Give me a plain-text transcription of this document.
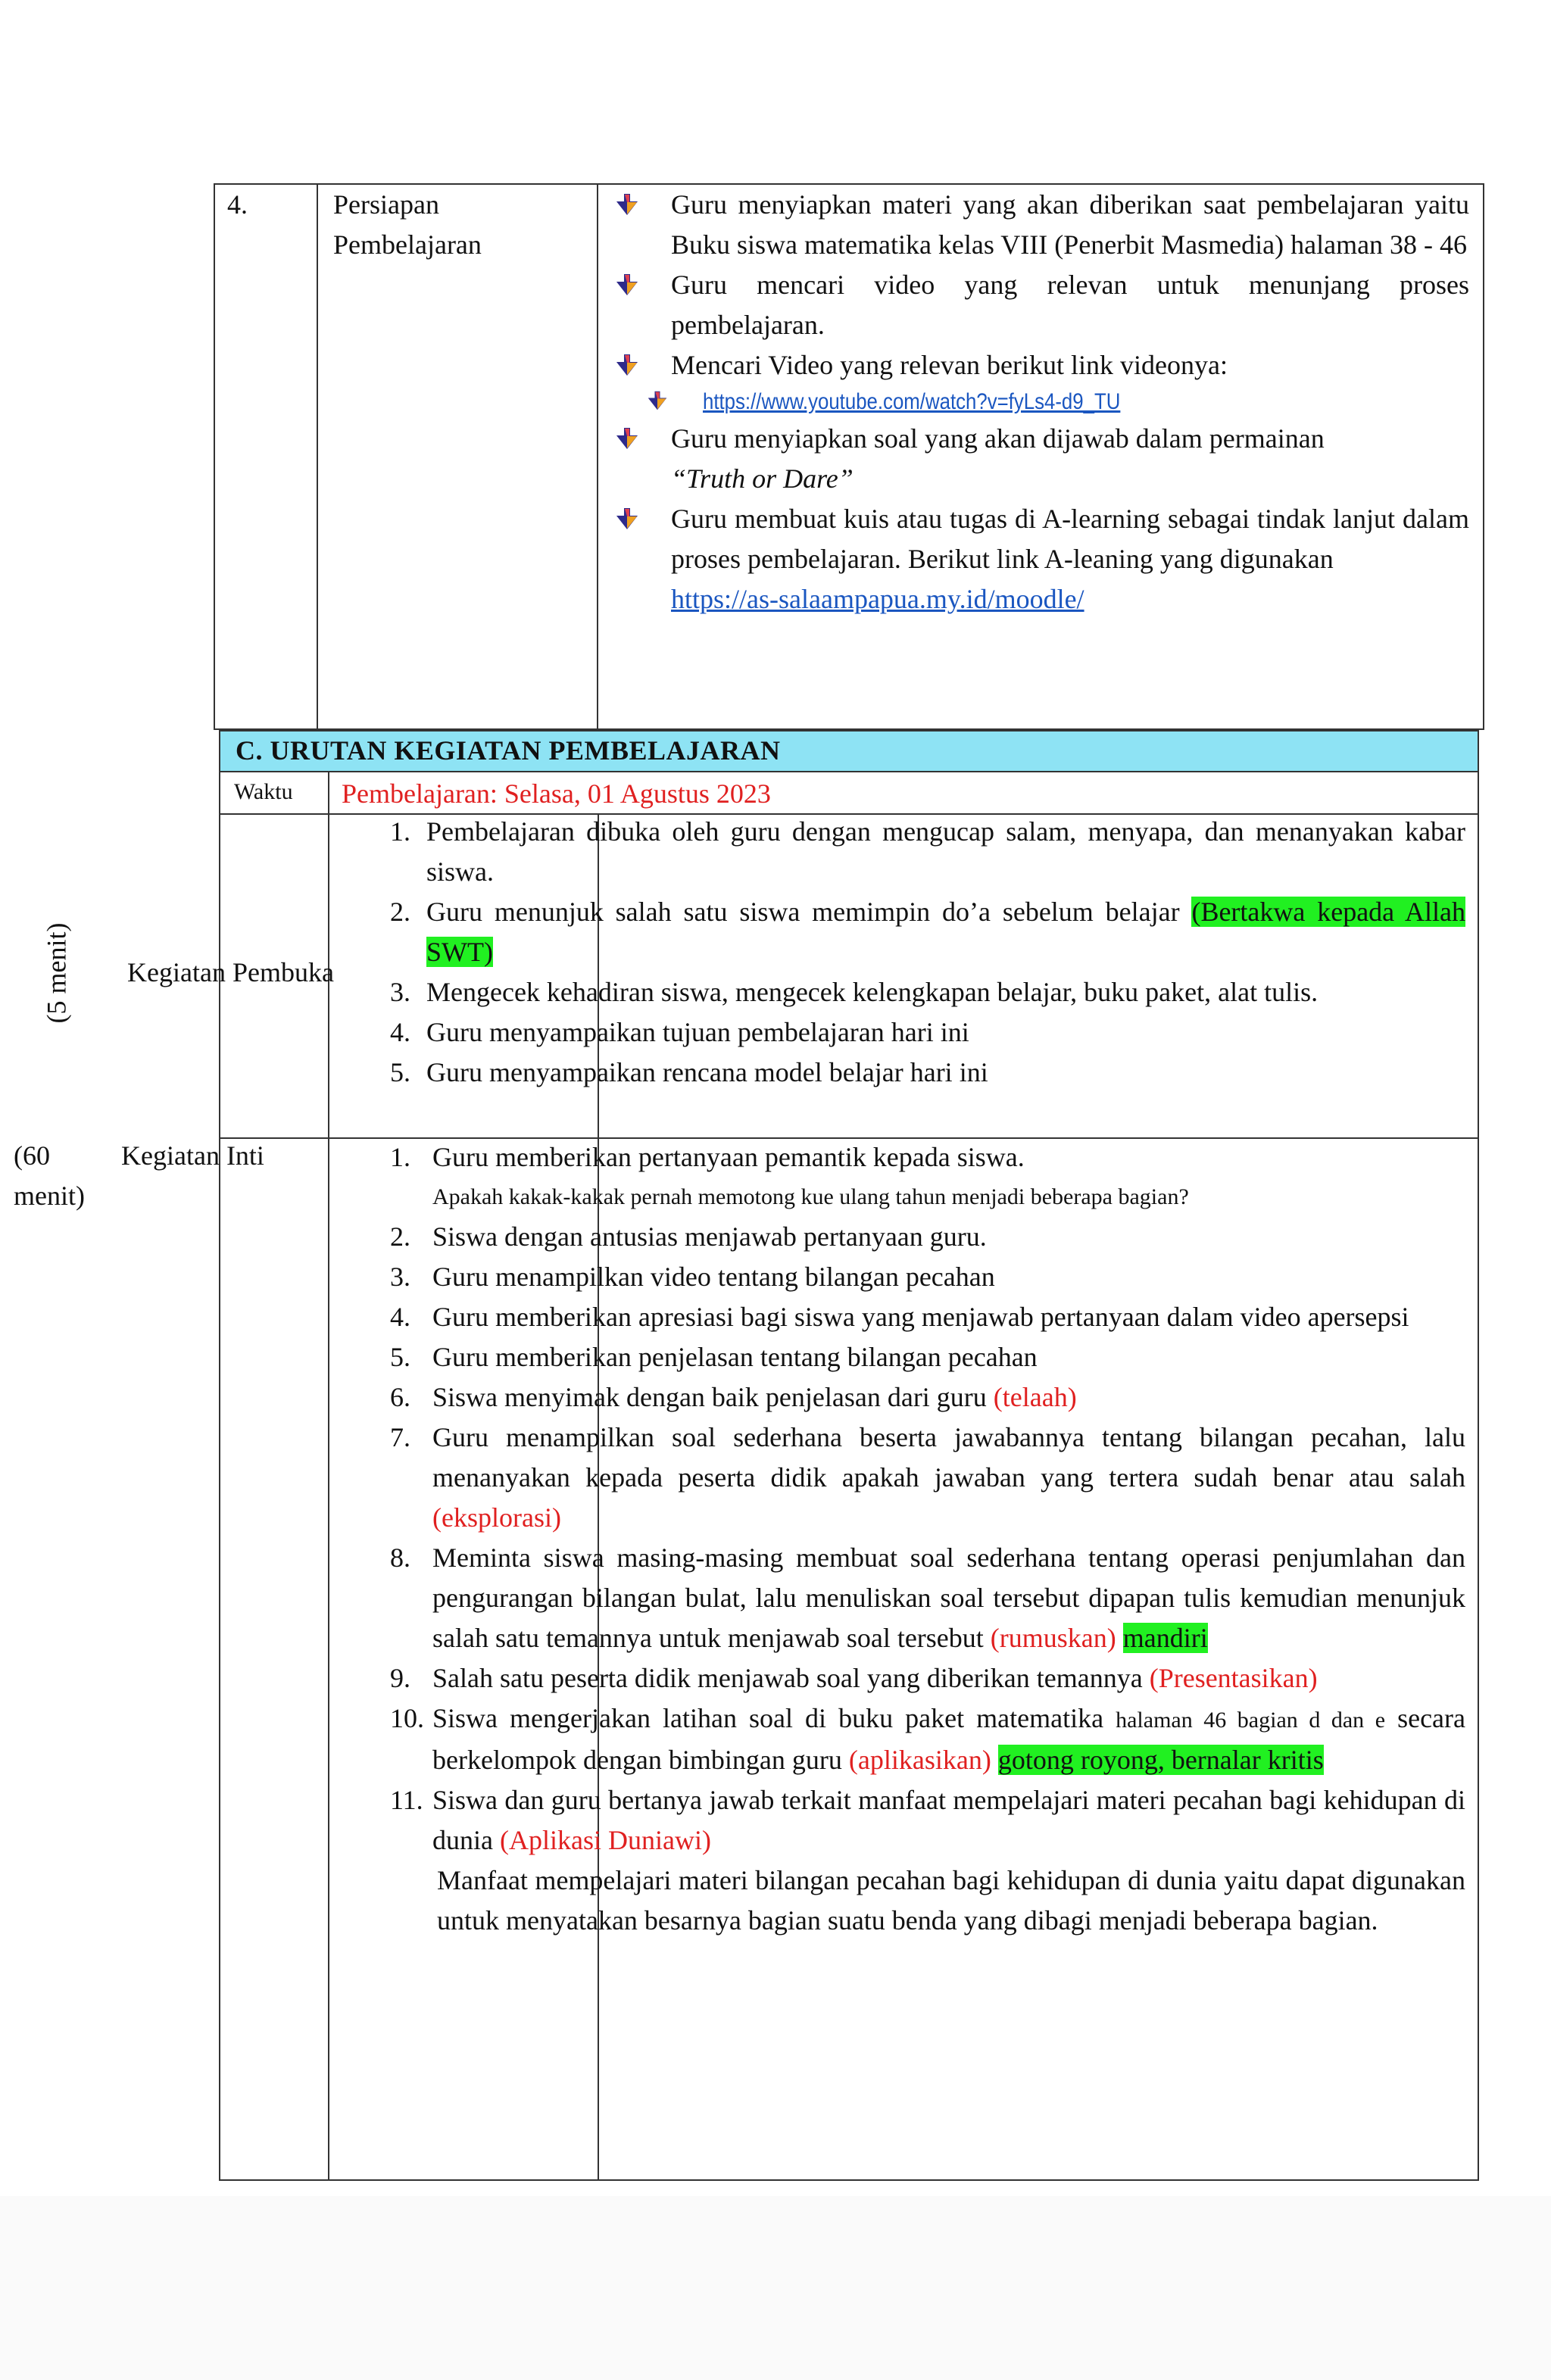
4.	Persiapan Pembelajaran
Guru menyiapkan materi yang akan diberikan saat pembelajaran yaitu Buku siswa matematika kelas VIII (Penerbit Masmedia) halaman 38 - 46
Guru mencari video yang relevan untuk menunjang proses pembelajaran.
Mencari Video yang relevan berikut link videonya:
https://www.youtube.com/watch?v=fyLs4-d9_TU
Guru menyiapkan soal yang akan dijawab dalam permainan
“Truth or Dare”
Guru membuat kuis atau tugas di A-learning sebagai tindak lanjut dalam proses pembelajaran. Berikut link A-leaning yang digunakan
https://as-salaampapua.my.id/moodle/
C. URUTAN KEGIATAN PEMBELAJARAN
Waktu Pembelajaran: Selasa, 01 Agustus 2023
(5 menit) Kegiatan Pembuka
1. Pembelajaran dibuka oleh guru dengan mengucap salam, menyapa, dan menanyakan kabar siswa.
2. Guru menunjuk salah satu siswa memimpin do’a sebelum belajar (Bertakwa kepada Allah SWT)
3. Mengecek kehadiran siswa, mengecek kelengkapan belajar, buku paket, alat tulis.
4. Guru menyampaikan tujuan pembelajaran hari ini
5. Guru menyampaikan rencana model belajar hari ini
(60 menit)
Kegiatan Inti	1. Guru memberikan pertanyaan pemantik kepada siswa.
Apakah kakak-kakak pernah memotong kue ulang tahun menjadi beberapa bagian?
2. Siswa dengan antusias menjawab pertanyaan guru.
3. Guru menampilkan video tentang bilangan pecahan
4. Guru memberikan apresiasi bagi siswa yang menjawab pertanyaan dalam video apersepsi
5. Guru memberikan penjelasan tentang bilangan pecahan
6. Siswa menyimak dengan baik penjelasan dari guru (telaah)
7. Guru menampilkan soal sederhana beserta jawabannya tentang bilangan pecahan, lalu menanyakan kepada peserta didik apakah jawaban yang tertera sudah benar atau salah (eksplorasi)
8. Meminta siswa masing-masing membuat soal sederhana tentang operasi penjumlahan dan pengurangan bilangan bulat, lalu menuliskan soal tersebut dipapan tulis kemudian menunjuk salah satu temannya untuk menjawab soal tersebut (rumuskan) mandiri
9. Salah satu peserta didik menjawab soal yang diberikan temannya (Presentasikan)
10. Siswa mengerjakan latihan soal di buku paket matematika halaman 46 bagian d dan e secara berkelompok dengan bimbingan guru (aplikasikan) gotong royong, bernalar kritis
11. Siswa dan guru bertanya jawab terkait manfaat mempelajari materi pecahan bagi kehidupan di dunia (Aplikasi Duniawi)
Manfaat mempelajari materi bilangan pecahan bagi kehidupan di dunia yaitu dapat digunakan untuk menyatakan besarnya bagian suatu benda yang dibagi menjadi beberapa bagian.
